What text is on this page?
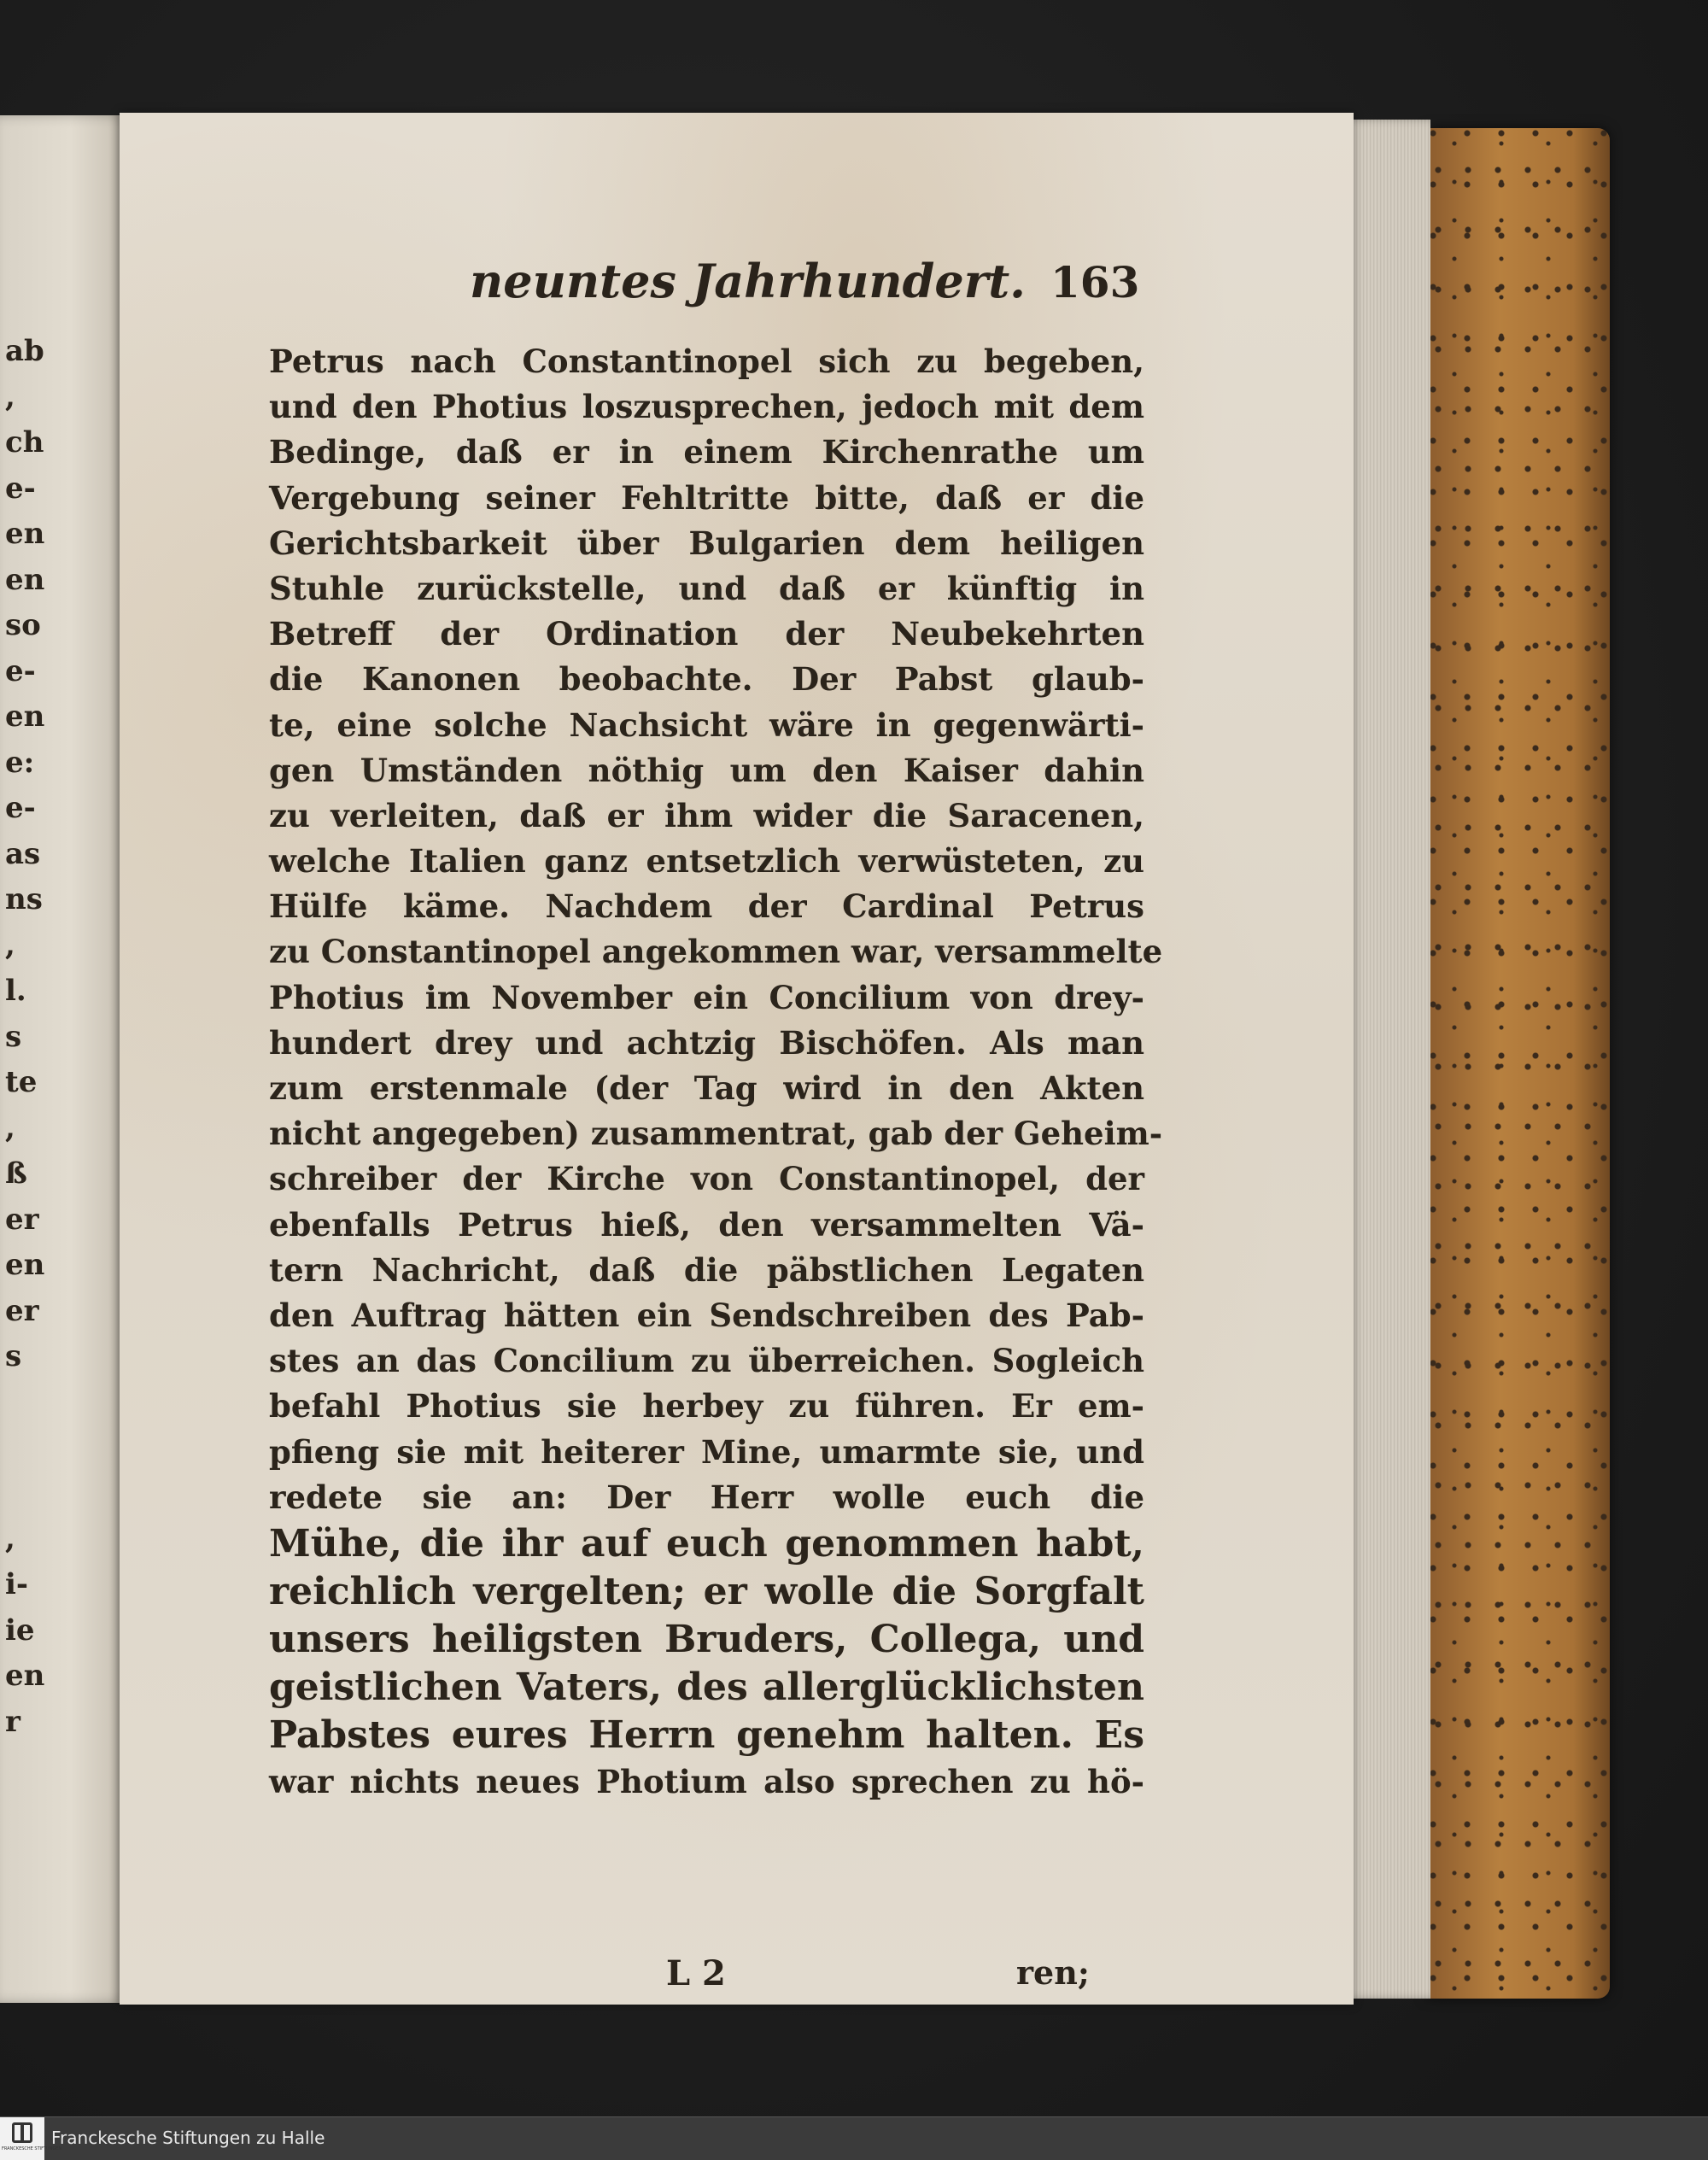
ab
,
ch
e-
en
en
so
e-
en
e:
e-
as
ns
,
l.
s
te
,
ß
er
en
er
s
,
i-
ie
en
r
neuntes Jahrhundert. 163
Petrus nach Constantinopel sich zu begeben,
und den Photius loszusprechen, jedoch mit dem
Bedinge, daß er in einem Kirchenrathe um
Vergebung seiner Fehltritte bitte, daß er die
Gerichtsbarkeit über Bulgarien dem heiligen
Stuhle zurückstelle, und daß er künftig in
Betreff der Ordination der Neubekehrten
die Kanonen beobachte. Der Pabst glaub-
te, eine solche Nachsicht wäre in gegenwärti-
gen Umständen nöthig um den Kaiser dahin
zu verleiten, daß er ihm wider die Saracenen,
welche Italien ganz entsetzlich verwüsteten, zu
Hülfe käme. Nachdem der Cardinal Petrus
zu Constantinopel angekommen war, versammelte
Photius im November ein Concilium von drey-
hundert drey und achtzig Bischöfen. Als man
zum erstenmale (der Tag wird in den Akten
nicht angegeben) zusammentrat, gab der Geheim-
schreiber der Kirche von Constantinopel, der
ebenfalls Petrus hieß, den versammelten Vä-
tern Nachricht, daß die päbstlichen Legaten
den Auftrag hätten ein Sendschreiben des Pab-
stes an das Concilium zu überreichen. Sogleich
befahl Photius sie herbey zu führen. Er em-
pfieng sie mit heiterer Mine, umarmte sie, und
redete sie an: Der Herr wolle euch die
Mühe, die ihr auf euch genommen habt,
reichlich vergelten; er wolle die Sorgfalt
unsers heiligsten Bruders, Collega, und
geistlichen Vaters, des allerglücklichsten
Pabstes eures Herrn genehm halten. Es
war nichts neues Photium also sprechen zu hö-
L 2	ren;
FRANCKESCHE STIFTUNGEN
Franckesche Stiftungen zu Halle
